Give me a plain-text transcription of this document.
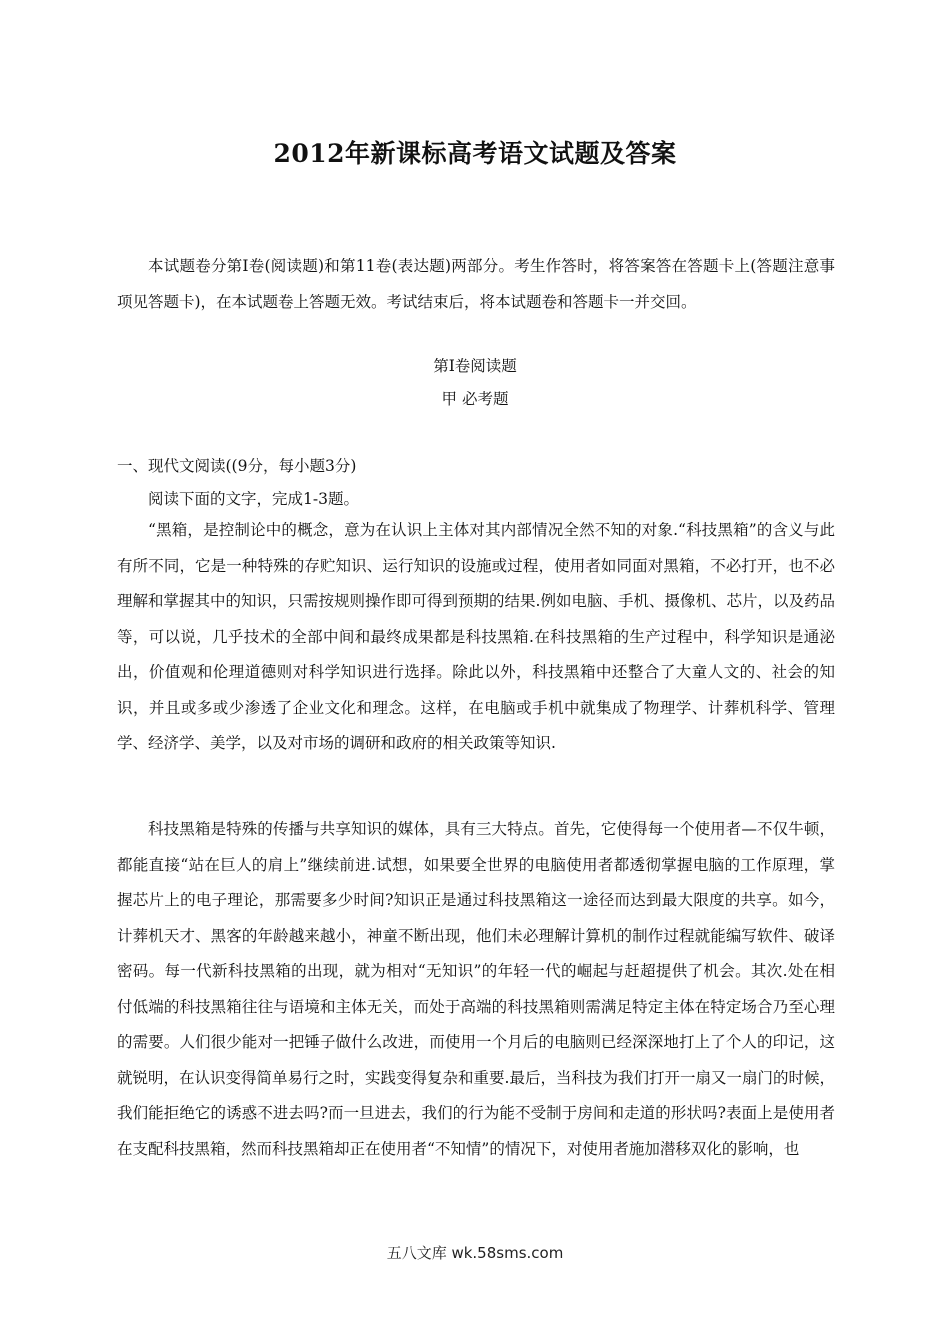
2012年新课标高考语文试题及答案
本试题卷分第Ⅰ卷(阅读题)和第11卷(表达题)两部分。考生作答时，将答案答在答题卡上(答题注意事项见答题卡)，在本试题卷上答题无效。考试结束后，将本试题卷和答题卡一并交回。
第Ⅰ卷阅读题
甲 必考题
一、现代文阅读((9分，每小题3分)
阅读下面的文字，完成1-3题。

“黑箱，是控制论中的概念，意为在认识上主体对其内部情况全然不知的对象.“科技黑箱”的含义与此有所不同，它是一种特殊的存贮知识、运行知识的设施或过程，使用者如同面对黑箱，不必打开，也不必理解和掌握其中的知识，只需按规则操作即可得到预期的结果.例如电脑、手机、摄像机、芯片，以及药品等，可以说，几乎技术的全部中间和最终成果都是科技黑箱.在科技黑箱的生产过程中，科学知识是通泌出，价值观和伦理道德则对科学知识进行选择。除此以外，科技黑箱中还整合了大童人文的、社会的知识，并且或多或少渗透了企业文化和理念。这样，在电脑或手机中就集成了物理学、计葬机科学、管理学、经济学、美学，以及对市场的调研和政府的相关政策等知识.

科技黑箱是特殊的传播与共享知识的媒体，具有三大特点。首先，它使得每一个使用者—不仅牛顿，都能直接“站在巨人的肩上”继续前进.试想，如果要全世界的电脑使用者都透彻掌握电脑的工作原理，掌握芯片上的电子理论，那需要多少时间?知识正是通过科技黑箱这一途径而达到最大限度的共享。如今，计葬机天才、黑客的年龄越来越小，神童不断出现，他们未必理解计算机的制作过程就能编写软件、破译密码。每一代新科技黑箱的出现，就为相对“无知识”的年轻一代的崛起与赶超提供了机会。其次.处在相付低端的科技黑箱往往与语境和主体无关，而处于高端的科技黑箱则需满足特定主体在特定场合乃至心理的需要。人们很少能对一把锤子做什么改进，而使用一个月后的电脑则已经深深地打上了个人的印记，这就锐明，在认识变得简单易行之时，实践变得复杂和重要.最后，当科技为我们打开一扇又一扇门的时候，我们能拒绝它的诱惑不进去吗?而一旦进去，我们的行为能不受制于房间和走道的形状吗?表面上是使用者在支配科技黑箱，然而科技黑箱却正在使用者“不知情”的情况下，对使用者施加潜移双化的影响，也

五八文库 wk.58sms.com
